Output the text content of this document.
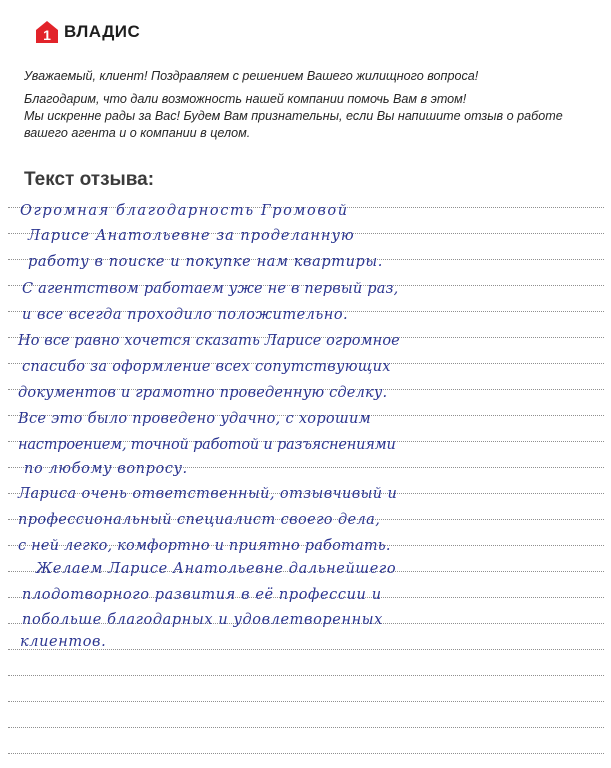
1 ВЛАДИС

Уважаемый, клиент! Поздравляем с решением Вашего жилищного вопроса!

Благодарим, что дали возможность нашей компании помочь Вам в этом!
Мы искренне рады за Вас! Будем Вам признательны, если Вы напишите отзыв о работе
вашего агента и о компании в целом.

Текст отзыва:
Огромная благодарность Громовой
Ларисе Анатольевне за проделанную
работу в поиске и покупке нам квартиры.
С агентством работаем уже не в первый раз,
и все всегда проходило положительно.
Но все равно хочется сказать Ларисе огромное
спасибо за оформление всех сопутствующих
документов и грамотно проведенную сделку.
Все это было проведено удачно, с хорошим
настроением, точной работой и разъяснениями
по любому вопросу.
Лариса очень ответственный, отзывчивый и
профессиональный специалист своего дела,
с ней легко, комфортно и приятно работать.
Желаем Ларисе Анатольевне дальнейшего
плодотворного развития в её профессии и
побольше благодарных и удовлетворенных
клиентов.
